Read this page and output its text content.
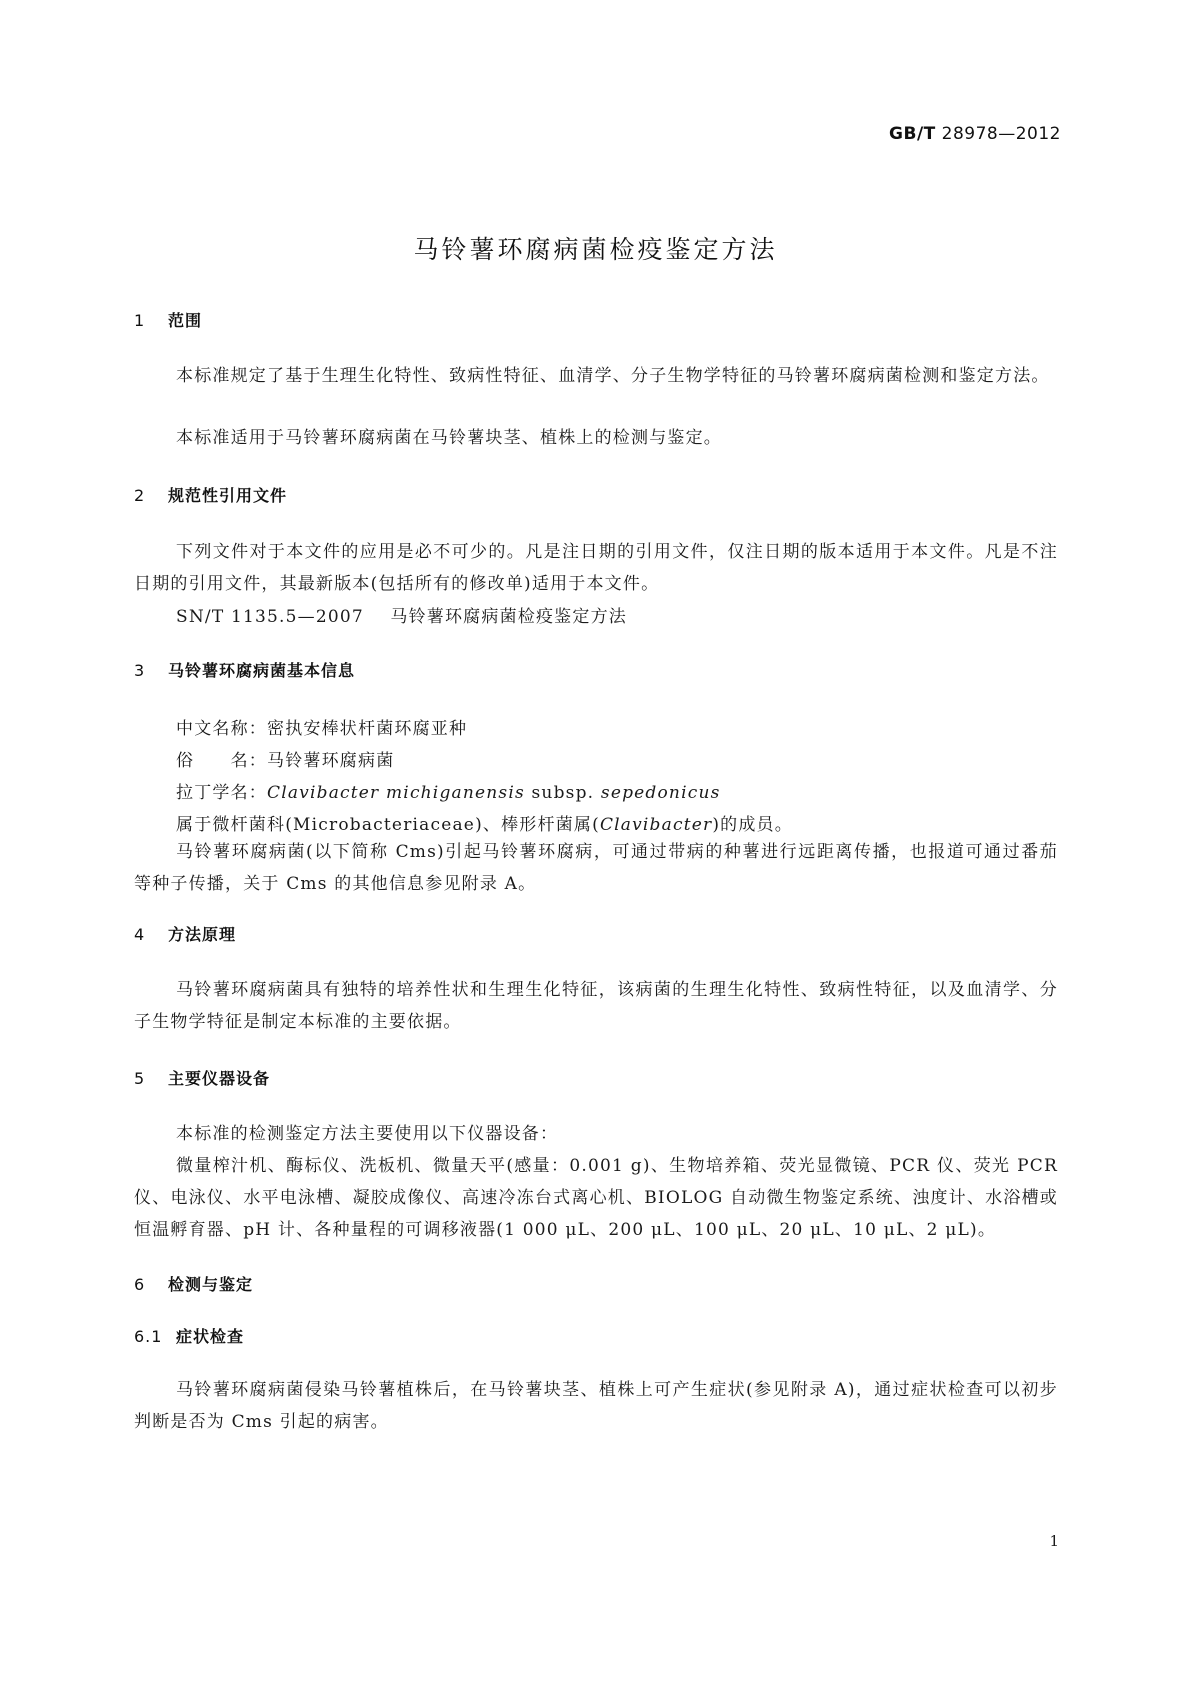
GB/T 28978—2012
马铃薯环腐病菌检疫鉴定方法
1 范围
本标准规定了基于生理生化特性、致病性特征、血清学、分子生物学特征的马铃薯环腐病菌检测和鉴定方法。
本标准适用于马铃薯环腐病菌在马铃薯块茎、植株上的检测与鉴定。
2 规范性引用文件
下列文件对于本文件的应用是必不可少的。凡是注日期的引用文件，仅注日期的版本适用于本文件。凡是不注日期的引用文件，其最新版本(包括所有的修改单)适用于本文件。
SN/T 1135.5—2007 马铃薯环腐病菌检疫鉴定方法
3 马铃薯环腐病菌基本信息
中文名称：密执安棒状杆菌环腐亚种
俗　　名：马铃薯环腐病菌
拉丁学名：Clavibacter michiganensis subsp. sepedonicus
属于微杆菌科(Microbacteriaceae)、棒形杆菌属(Clavibacter)的成员。
马铃薯环腐病菌(以下简称 Cms)引起马铃薯环腐病，可通过带病的种薯进行远距离传播，也报道可通过番茄等种子传播，关于 Cms 的其他信息参见附录 A。
4 方法原理
马铃薯环腐病菌具有独特的培养性状和生理生化特征，该病菌的生理生化特性、致病性特征，以及血清学、分子生物学特征是制定本标准的主要依据。
5 主要仪器设备
本标准的检测鉴定方法主要使用以下仪器设备：
微量榨汁机、酶标仪、洗板机、微量天平(感量：0.001 g)、生物培养箱、荧光显微镜、PCR 仪、荧光 PCR 仪、电泳仪、水平电泳槽、凝胶成像仪、高速冷冻台式离心机、BIOLOG 自动微生物鉴定系统、浊度计、水浴槽或恒温孵育器、pH 计、各种量程的可调移液器(1 000 μL、200 μL、100 μL、20 μL、10 μL、2 μL)。
6 检测与鉴定
6.1 症状检查
马铃薯环腐病菌侵染马铃薯植株后，在马铃薯块茎、植株上可产生症状(参见附录 A)，通过症状检查可以初步判断是否为 Cms 引起的病害。
1
